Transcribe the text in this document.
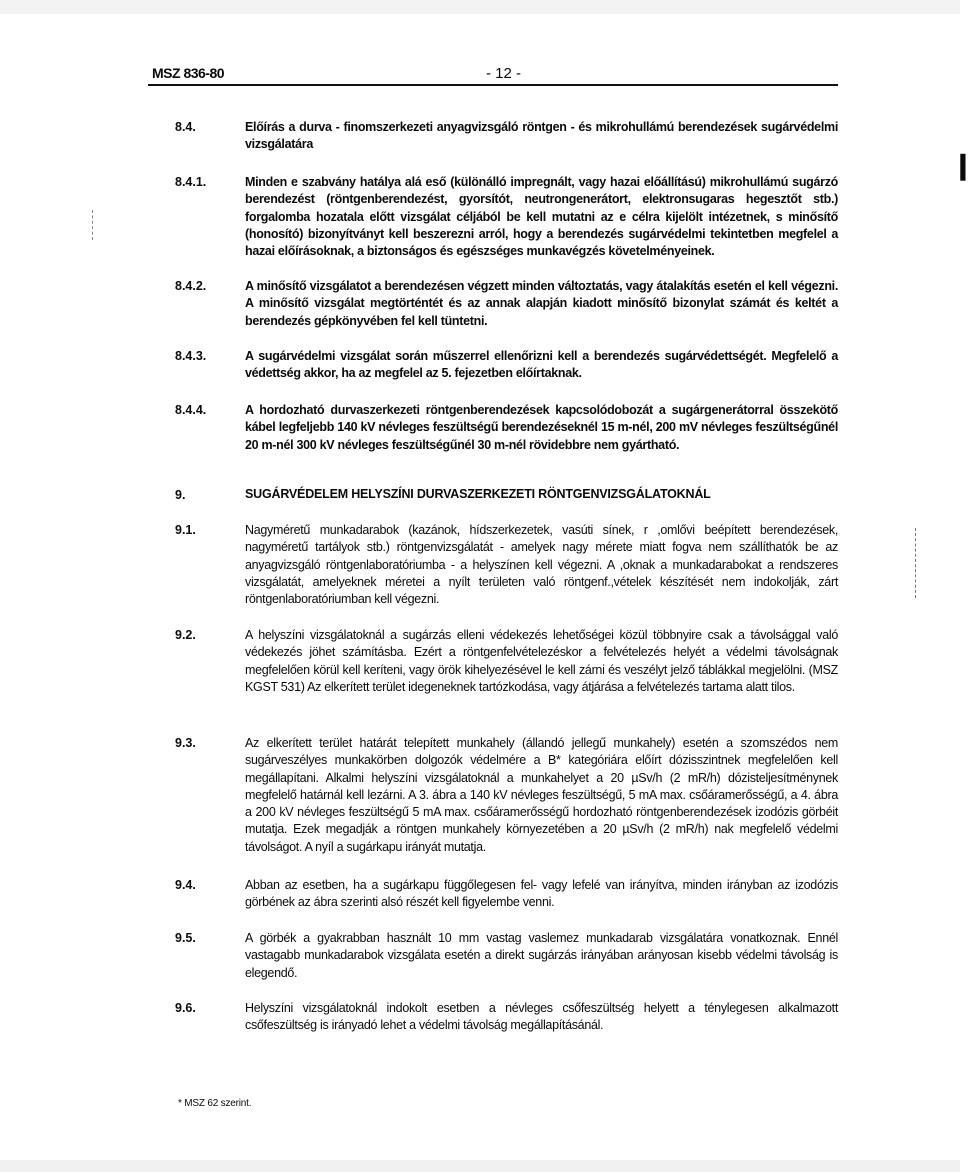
MSZ 836-80	- 12 -
❙
8.4.	Előírás a durva - finomszerkezeti anyagvizsgáló röntgen - és mikrohullámú berendezések sugárvédelmi vizsgálatára
8.4.1.	Minden e szabvány hatálya alá eső (különálló impregnált, vagy hazai előállítású) mikrohullámú sugárzó berendezést (röntgenberendezést, gyorsítót, neutrongenerátort, elektronsugaras hegesztőt stb.) forgalomba hozatala előtt vizsgálat céljából be kell mutatni az e célra kijelölt intézetnek, s minősítő (honosító) bizonyítványt kell beszerezni arról, hogy a berendezés sugárvédelmi tekintetben megfelel a hazai előírásoknak, a biztonságos és egészséges munkavégzés követelményeinek.
8.4.2.	A minősítő vizsgálatot a berendezésen végzett minden változtatás, vagy átalakítás esetén el kell végezni. A minősítő vizsgálat megtörténtét és az annak alapján kiadott minősítő bizonylat számát és keltét a berendezés gépkönyvében fel kell tüntetni.
8.4.3.	A sugárvédelmi vizsgálat során műszerrel ellenőrizni kell a berendezés sugárvédettségét. Megfelelő a védettség akkor, ha az megfelel az 5. fejezetben előírtaknak.
8.4.4.	A hordozható durvaszerkezeti röntgenberendezések kapcsolódobozát a sugárgenerátorral összekötő kábel legfeljebb 140 kV névleges feszültségű berendezéseknél 15 m-nél, 200 mV névleges feszültségűnél 20 m-nél 300 kV névleges feszültségűnél 30 m-nél rövidebbre nem gyártható.
9.	SUGÁRVÉDELEM HELYSZÍNI DURVASZERKEZETI RÖNTGENVIZSGÁLATOKNÁL
9.1.	Nagyméretű munkadarabok (kazánok, hídszerkezetek, vasúti sínek, r ,omlővi beépített berendezések, nagyméretű tartályok stb.) röntgenvizsgálatát - amelyek nagy mérete miatt fogva nem szállíthatók be az anyagvizsgáló röntgenlaboratóriumba - a helyszínen kell végezni. A ,oknak a munkadarabokat a rendszeres vizsgálatát, amelyeknek méretei a nyílt területen való röntgenf.,vételek készítését nem indokolják, zárt röntgenlaboratóriumban kell végezni.
9.2.	A helyszíni vizsgálatoknál a sugárzás elleni védekezés lehetőségei közül többnyire csak a távolsággal való védekezés jöhet számításba. Ezért a röntgenfelvételezéskor a felvételezés helyét a védelmi távolságnak megfelelően körül kell keríteni, vagy örök kihelyezésével le kell zárni és veszélyt jelző táblákkal megjelölni. (MSZ KGST 531) Az elkerített terület idegeneknek tartózkodása, vagy átjárása a felvételezés tartama alatt tilos.
9.3.	Az elkerített terület határát telepített munkahely (állandó jellegű munkahely) esetén a szomszédos nem sugárveszélyes munkakörben dolgozók védelmére a B* kategóriára előírt dózisszintnek megfelelően kell megállapítani. Alkalmi helyszíni vizsgálatoknál a munkahelyet a 20 µSv/h (2 mR/h) dózisteljesítménynek megfelelő határnál kell lezárni. A 3. ábra a 140 kV névleges feszültségű, 5 mA max. csőáramerősségű, a 4. ábra a 200 kV névleges feszültségű 5 mA max. csőáramerősségű hordozható röntgenberendezések izodózis görbéit mutatja. Ezek megadják a röntgen munkahely környezetében a 20 µSv/h (2 mR/h) nak megfelelő védelmi távolságot. A nyíl a sugárkapu irányát mutatja.
9.4.	Abban az esetben, ha a sugárkapu függőlegesen fel- vagy lefelé van irányítva, minden irányban az izodózis görbének az ábra szerinti alsó részét kell figyelembe venni.
9.5.	A görbék a gyakrabban használt 10 mm vastag vaslemez munkadarab vizsgálatára vonatkoznak. Ennél vastagabb munkadarabok vizsgálata esetén a direkt sugárzás irányában arányosan kisebb védelmi távolság is elegendő.
9.6.	Helyszíni vizsgálatoknál indokolt esetben a névleges csőfeszültség helyett a ténylegesen alkalmazott csőfeszültség is irányadó lehet a védelmi távolság megállapításánál.
* MSZ 62 szerint.
